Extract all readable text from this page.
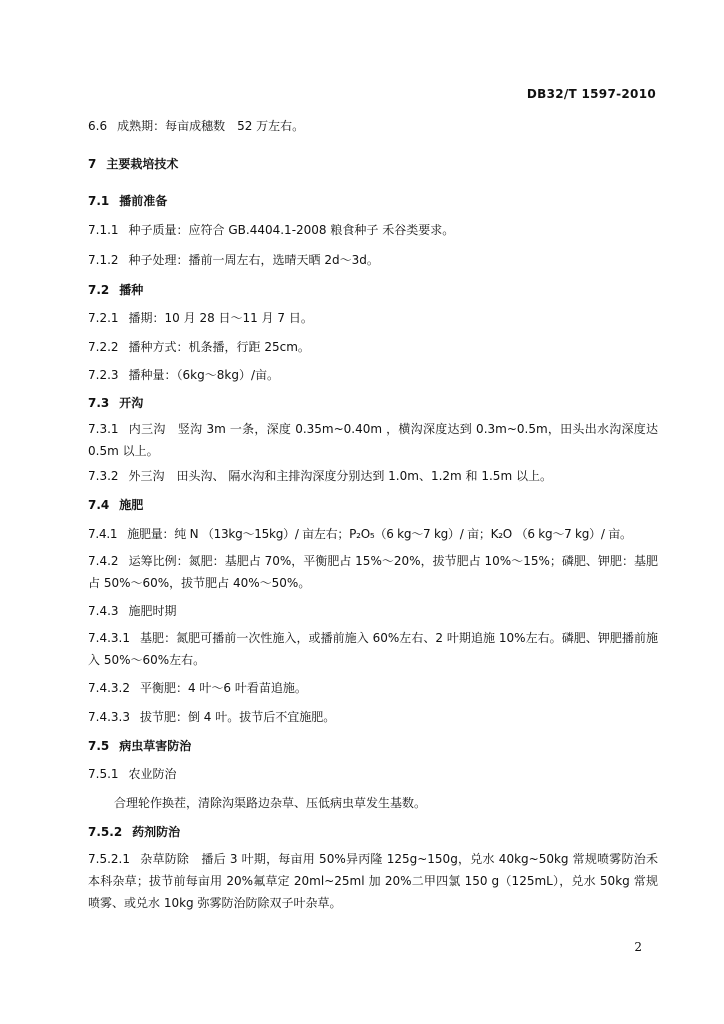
DB32/T 1597-2010
6.6 成熟期：每亩成穗数　52 万左右。
7 主要栽培技术
7.1 播前准备
7.1.1 种子质量：应符合 GB.4404.1-2008 粮食种子 禾谷类要求。
7.1.2 种子处理：播前一周左右，选晴天晒 2d～3d。
7.2 播种
7.2.1 播期：10 月 28 日～11 月 7 日。
7.2.2 播种方式：机条播，行距 25cm。
7.2.3 播种量：（6kg～8kg）/亩。
7.3 开沟
7.3.1 内三沟　竖沟 3m 一条，深度 0.35m~0.40m ，横沟深度达到 0.3m~0.5m，田头出水沟深度达 0.5m 以上。
7.3.2 外三沟　田头沟、 隔水沟和主排沟深度分别达到 1.0m、1.2m 和 1.5m 以上。
7.4 施肥
7.4.1 施肥量：纯 N （13kg～15kg）/ 亩左右；P₂O₅（6 kg～7 kg）/ 亩；K₂O （6 kg～7 kg）/ 亩。
7.4.2 运筹比例：氮肥：基肥占 70%，平衡肥占 15%～20%，拔节肥占 10%～15%；磷肥、钾肥：基肥占 50%～60%，拔节肥占 40%～50%。
7.4.3 施肥时期
7.4.3.1 基肥：氮肥可播前一次性施入，或播前施入 60%左右、2 叶期追施 10%左右。磷肥、钾肥播前施入 50%～60%左右。
7.4.3.2 平衡肥：4 叶～6 叶看苗追施。
7.4.3.3 拔节肥：倒 4 叶。拔节后不宜施肥。
7.5 病虫草害防治
7.5.1 农业防治
合理轮作换茬，清除沟渠路边杂草、压低病虫草发生基数。
7.5.2 药剂防治
7.5.2.1 杂草防除　播后 3 叶期，每亩用 50%异丙隆 125g~150g，兑水 40kg~50kg 常规喷雾防治禾本科杂草；拔节前每亩用 20%氟草定 20ml~25ml 加 20%二甲四氯 150 g（125mL），兑水 50kg 常规喷雾、或兑水 10kg 弥雾防治防除双子叶杂草。
2
